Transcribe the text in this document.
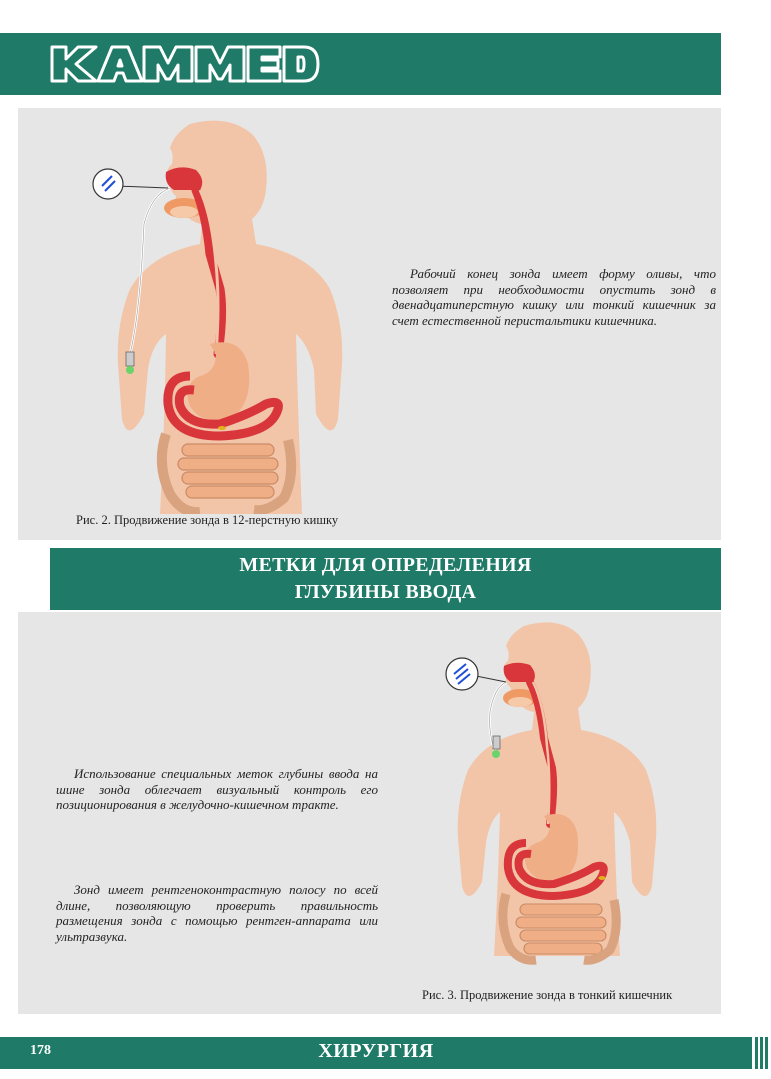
Рабочий конец зонда имеет форму оливы, что позволяет при необходимости опустить зонд в двенадцатиперстную кишку или тонкий кишечник за счет естественной перистальтики кишечника.
Рис. 2. Продвижение зонда в 12-перстную кишку
МЕТКИ ДЛЯ ОПРЕДЕЛЕНИЯ
ГЛУБИНЫ ВВОДА
Использование специальных меток глубины ввода на шине зонда облегчает визуальный контроль его позиционирования в желудочно-кишечном тракте.
Зонд имеет рентгеноконтрастную полосу по всей длине, позволяющую проверить правильность размещения зонда с помощью рентген-аппарата или ультразвука.
Рис. 3. Продвижение зонда в тонкий кишечник
178	ХИРУРГИЯ
